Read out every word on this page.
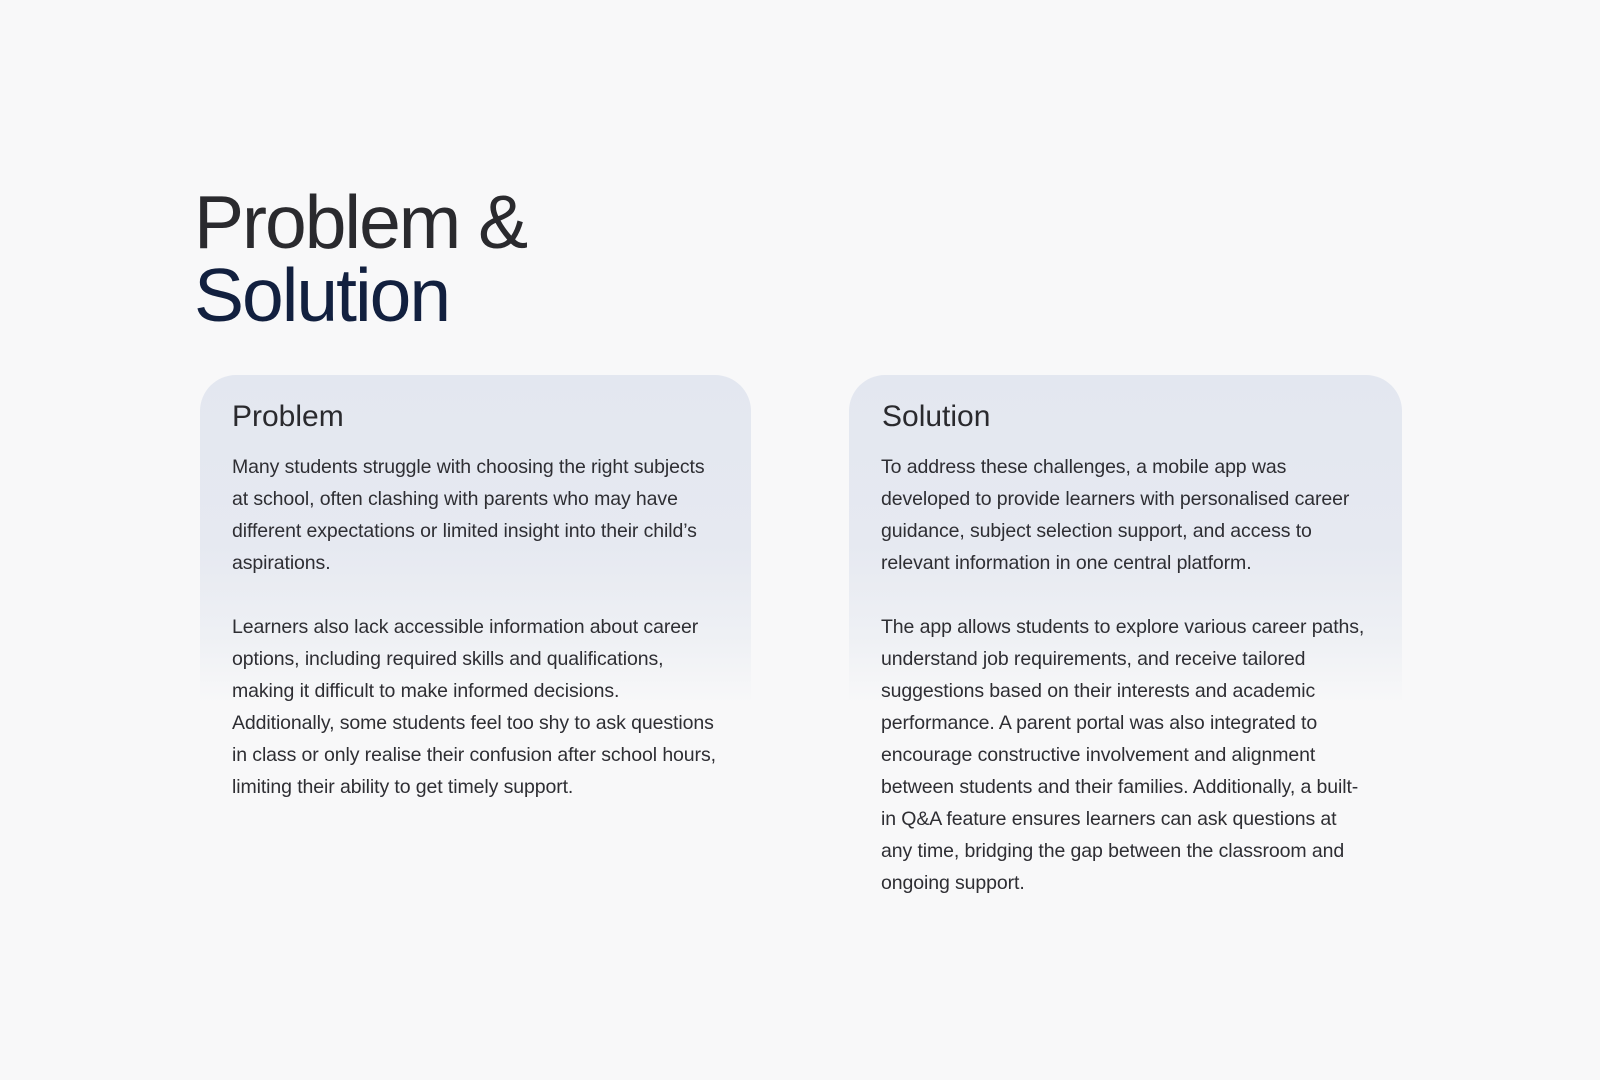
Problem &
Solution
Problem

Many students struggle with choosing the right subjects at school, often clashing with parents who may have different expectations or limited insight into their child’s aspirations.

Learners also lack accessible information about career options, including required skills and qualifications, making it difficult to make informed decisions. Additionally, some students feel too shy to ask questions in class or only realise their confusion after school hours, limiting their ability to get timely support.

Solution

To address these challenges, a mobile app was developed to provide learners with personalised career guidance, subject selection support, and access to relevant information in one central platform.

The app allows students to explore various career paths, understand job requirements, and receive tailored suggestions based on their interests and academic performance. A parent portal was also integrated to encourage constructive involvement and alignment between students and their families. Additionally, a built-in Q&A feature ensures learners can ask questions at any time, bridging the gap between the classroom and ongoing support.
